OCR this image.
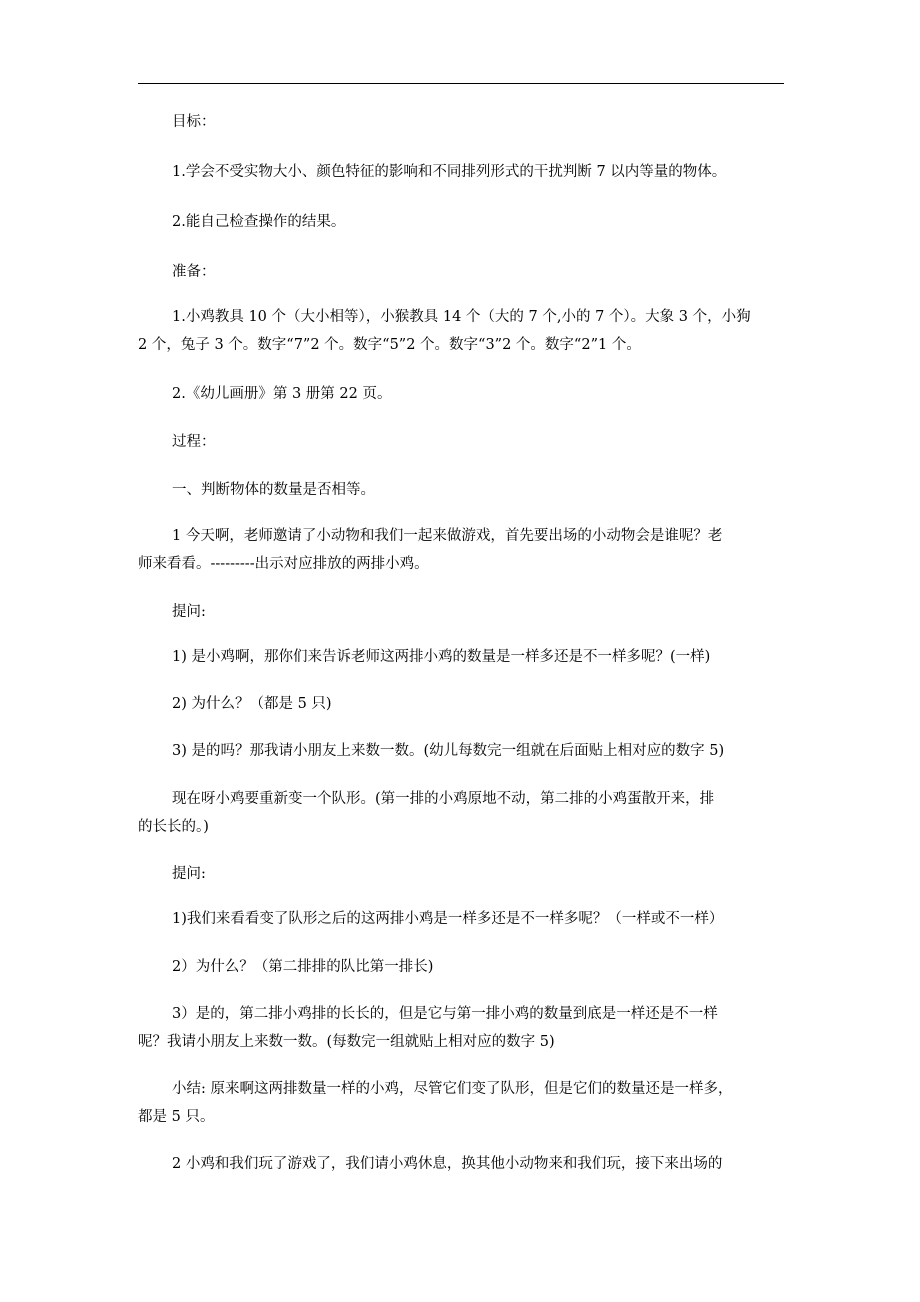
目标：

1.学会不受实物大小、颜色特征的影响和不同排列形式的干扰判断 7 以内等量的物体。

2.能自己检查操作的结果。

准备：

1.小鸡教具 10 个（大小相等），小猴教具 14 个（大的 7 个,小的 7 个）。大象 3 个，小狗
2 个，兔子 3 个。数字“7”2 个。数字“5”2 个。数字“3”2 个。数字“2”1 个。

2.《幼儿画册》第 3 册第 22 页。

过程：

一、判断物体的数量是否相等。

1 今天啊，老师邀请了小动物和我们一起来做游戏，首先要出场的小动物会是谁呢？老
师来看看。---------出示对应排放的两排小鸡。

提问:

1) 是小鸡啊，那你们来告诉老师这两排小鸡的数量是一样多还是不一样多呢？(一样)

2) 为什么？（都是 5 只)

3) 是的吗？那我请小朋友上来数一数。(幼儿每数完一组就在后面贴上相对应的数字 5)

现在呀小鸡要重新变一个队形。(第一排的小鸡原地不动，第二排的小鸡蛋散开来，排
的长长的。)

提问:

1)我们来看看变了队形之后的这两排小鸡是一样多还是不一样多呢？（一样或不一样）

2）为什么？（第二排排的队比第一排长)

3）是的，第二排小鸡排的长长的，但是它与第一排小鸡的数量到底是一样还是不一样
呢？我请小朋友上来数一数。(每数完一组就贴上相对应的数字 5)

小结: 原来啊这两排数量一样的小鸡，尽管它们变了队形，但是它们的数量还是一样多，
都是 5 只。

2 小鸡和我们玩了游戏了，我们请小鸡休息，换其他小动物来和我们玩，接下来出场的
